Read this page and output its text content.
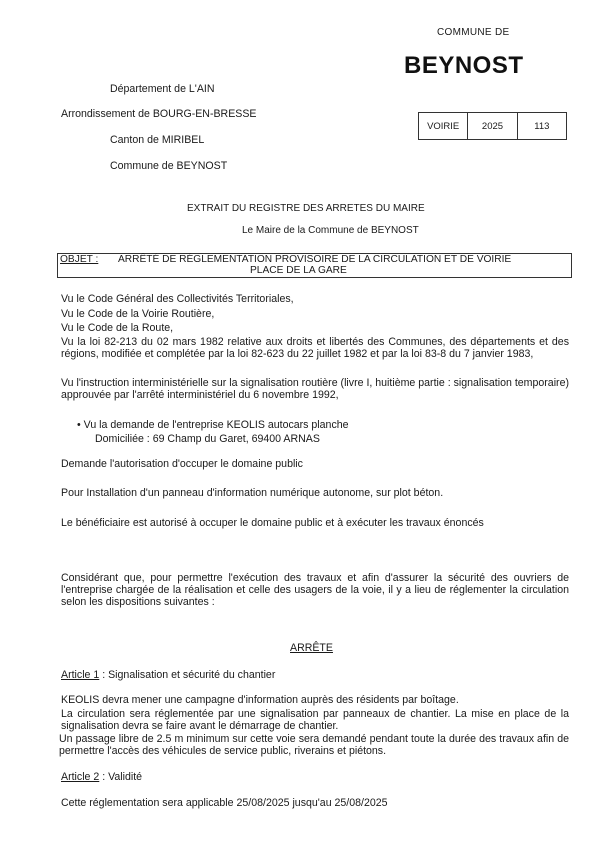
COMMUNE DE
BEYNOST
Département de L'AIN
Arrondissement de BOURG-EN-BRESSE
Canton de MIRIBEL
Commune de BEYNOST
VOIRIE	2025	113
EXTRAIT DU REGISTRE DES ARRETES DU MAIRE
Le Maire de la Commune de BEYNOST
OBJET : ARRÊTÉ DE RÉGLEMENTATION PROVISOIRE DE LA CIRCULATION ET DE VOIRIE
PLACE DE LA GARE
Vu le Code Général des Collectivités Territoriales,
Vu le Code de la Voirie Routière,
Vu le Code de la Route,
Vu la loi 82-213 du 02 mars 1982 relative aux droits et libertés des Communes, des départements et des régions, modifiée et complétée par la loi 82-623 du 22 juillet 1982 et par la loi 83-8 du 7 janvier 1983,
Vu l'instruction interministérielle sur la signalisation routière (livre I, huitième partie : signalisation temporaire) approuvée par l'arrêté interministériel du 6 novembre 1992,
• Vu la demande de l'entreprise KEOLIS autocars planche
Domiciliée : 69 Champ du Garet, 69400 ARNAS
Demande l'autorisation d'occuper le domaine public
Pour Installation d'un panneau d'information numérique autonome, sur plot béton.
Le bénéficiaire est autorisé à occuper le domaine public et à exécuter les travaux énoncés
Considérant que, pour permettre l'exécution des travaux et afin d'assurer la sécurité des ouvriers de l'entreprise chargée de la réalisation et celle des usagers de la voie, il y a lieu de réglementer la circulation selon les dispositions suivantes :
ARRÊTE
Article 1 : Signalisation et sécurité du chantier
KEOLIS devra mener une campagne d'information auprès des résidents par boîtage.
La circulation sera réglementée par une signalisation par panneaux de chantier. La mise en place de la signalisation devra se faire avant le démarrage de chantier.
Un passage libre de 2.5 m minimum sur cette voie sera demandé pendant toute la durée des travaux afin de permettre l'accès des véhicules de service public, riverains et piétons.
Article 2 : Validité
Cette réglementation sera applicable 25/08/2025 jusqu'au 25/08/2025
